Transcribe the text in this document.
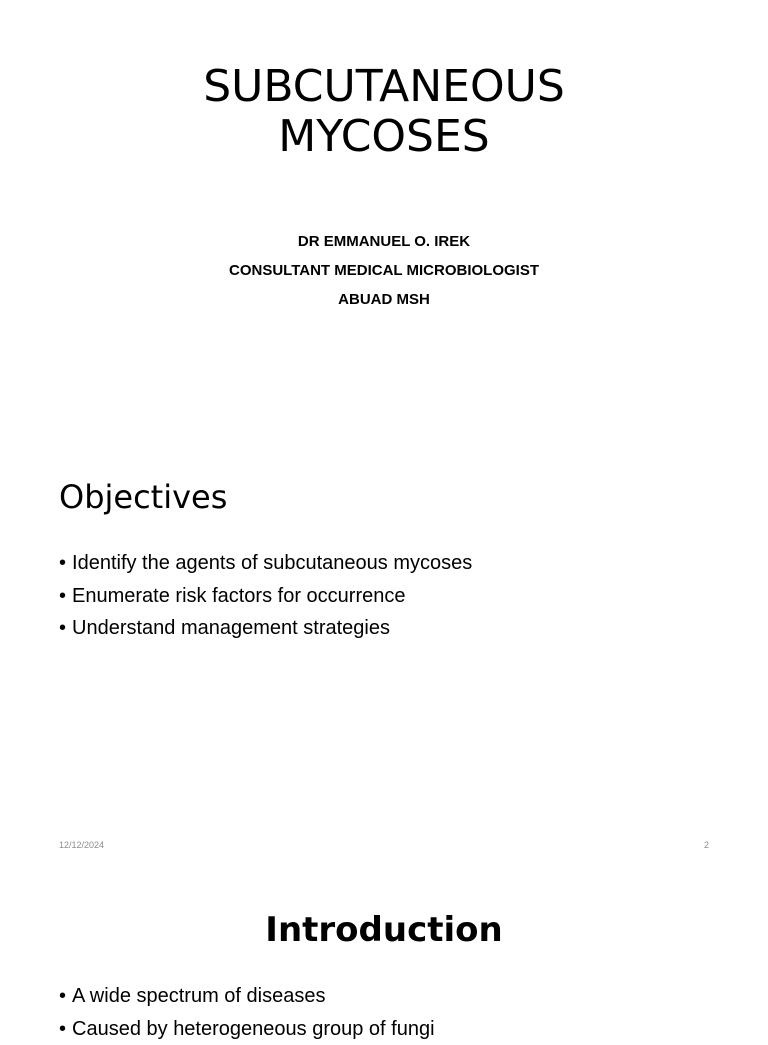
SUBCUTANEOUS
MYCOSES
DR EMMANUEL O. IREK
CONSULTANT MEDICAL MICROBIOLOGIST
ABUAD MSH
Objectives
• Identify the agents of subcutaneous mycoses
• Enumerate risk factors for occurrence
• Understand management strategies
12/12/2024	2
Introduction
• A wide spectrum of diseases
• Caused by heterogeneous group of fungi
